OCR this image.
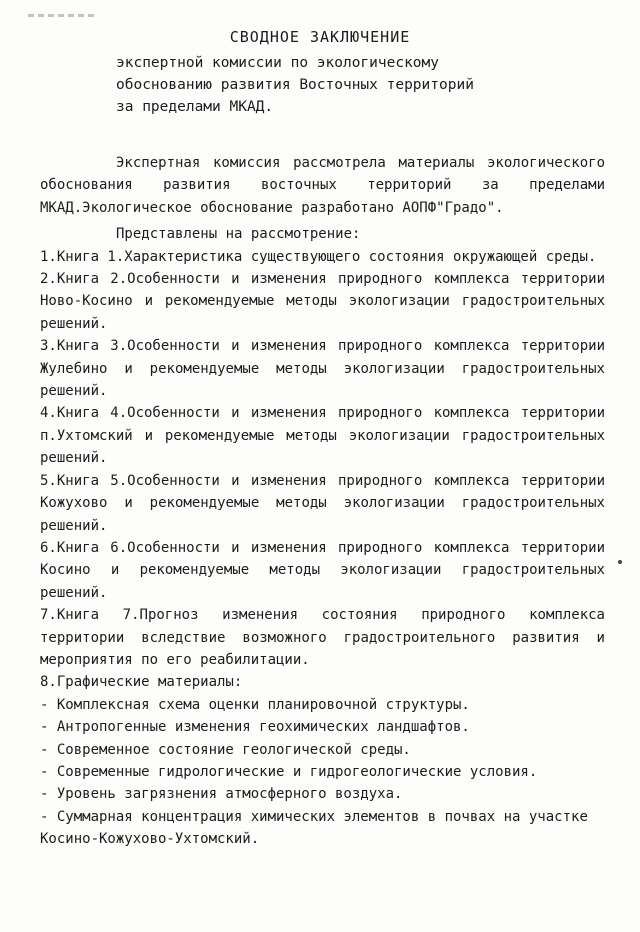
СВОДНОЕ ЗАКЛЮЧЕНИЕ

экспертной комиссии по экологическому

обоснованию развития Восточных территорий

за пределами МКАД.

Экспертная комиссия рассмотрела материалы экологического обоснования развития восточных территорий за пределами МКАД.Экологическое обоснование разработано АОПФ"Градо".

Представлены на рассмотрение:

1.Книга 1.Характеристика существующего состояния окружающей среды.
2.Книга 2.Особенности и изменения природного комплекса территории Ново-Косино и рекомендуемые методы экологизации градостроительных решений.
3.Книга 3.Особенности и изменения природного комплекса территории Жулебино и рекомендуемые методы экологизации градостроительных решений.
4.Книга 4.Особенности и изменения природного комплекса территории п.Ухтомский и рекомендуемые методы экологизации градостроительных решений.
5.Книга 5.Особенности и изменения природного комплекса территории Кожухово и рекомендуемые методы экологизации градостроительных решений.
6.Книга 6.Особенности и изменения природного комплекса территории Косино и рекомендуемые методы экологизации градостроительных решений.
7.Книга 7.Прогноз изменения состояния природного комплекса территории вследствие возможного градостроительного развития и мероприятия по его реабилитации.
8.Графические материалы:
- Комплексная схема оценки планировочной структуры.
- Антропогенные изменения геохимических ландшафтов.
- Современное состояние геологической среды.
- Современные гидрологические и гидрогеологические условия.
- Уровень загрязнения атмосферного воздуха.
- Суммарная концентрация химических элементов в почвах на участке Косино-Кожухово-Ухтомский.
